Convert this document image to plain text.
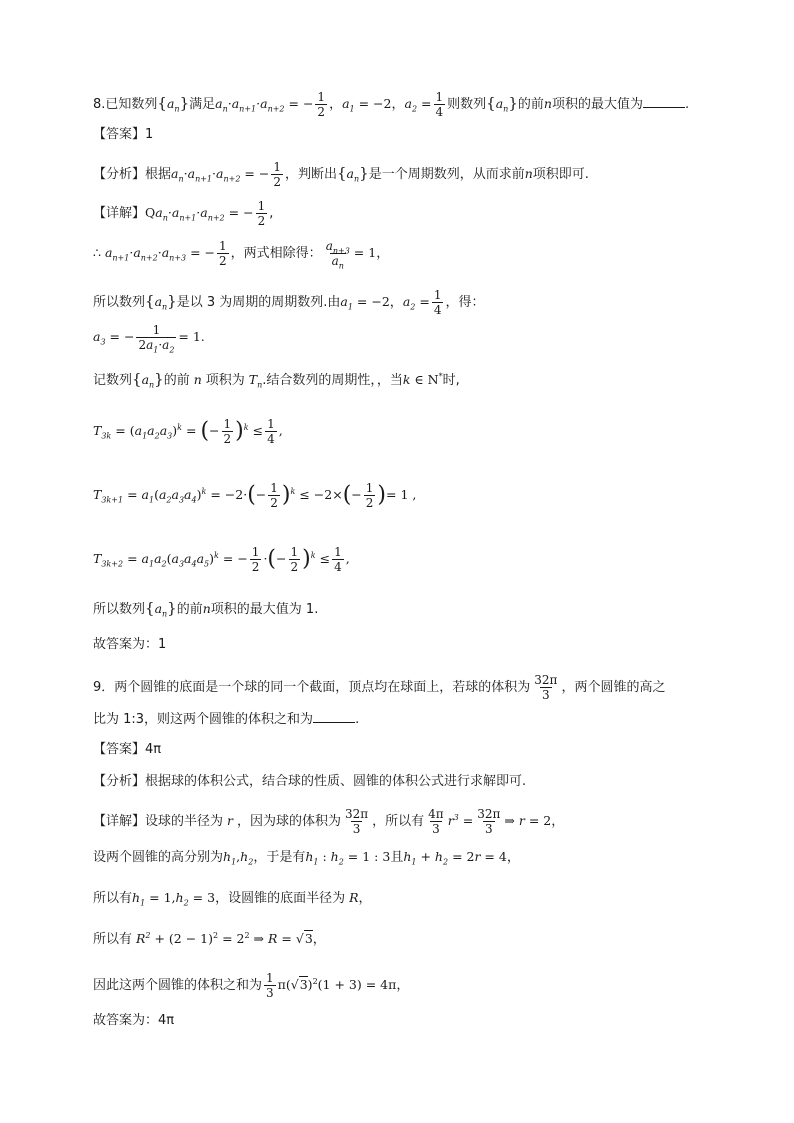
8.已知数列$\{a_n\}$满足$a_n\cdot a_{n+1}\cdot a_{n+2}$ = − $\frac{1}{2}$ ，$a_1 = -2$，$a_2 = \frac{1}{4}$ 则数列$\{a_n\}$的前n项积的最大值为	.
【答案】1
【分析】根据$a_n\cdot a_{n+1}\cdot a_{n+2}$ = − $\frac{1}{2}$ ，判断出$\{a_n\}$是一个周期数列，从而求前n项积即可.
【详解】$Qa_n\cdot a_{n+1}\cdot a_{n+2}$ = − $\frac{1}{2}$ ,
∴ $a_{n+1}\cdot a_{n+2}\cdot a_{n+3}$ = − $\frac{1}{2}$ ，两式相除得： $\frac{a_{n+3}}{a_n} = 1$，
所以数列$\{a_n\}$是以 3 为周期的周期数列.由$a_1 = -2$，$a_2 = \frac{1}{4}$ ，得：
$a_3$ = − $\frac{1}{2a_1\cdot a_2} = 1$.
记数列$\{a_n\}$的前 n 项积为 $T_n$.结合数列的周期性，，当k ∈ N*时,
$T_{3k} = (a_1a_2a_3)^k$ = (− $\frac{1}{2} )^k \le \frac{1}{4}$ ,
$T_{3k+1} = a_1(a_2a_3a_4)^k = -2\cdot(- \frac{1}{2} )^k \le -2\times(- \frac{1}{2}$ )= 1 ,
$T_{3k+2} = a_1a_2(a_3a_4a_5)^k$ = − $\frac{1}{2}$ ·(− $\frac{1}{2} )^k \le \frac{1}{4}$ ,
所以数列$\{a_n\}$的前n项积的最大值为 1.
故答案为：1
9．两个圆锥的底面是一个球的同一个截面，顶点均在球面上，若球的体积为 $\frac{32\pi}{3}$ ，两个圆锥的高之
比为 1:3，则这两个圆锥的体积之和为	.
【答案】4π
【分析】根据球的体积公式，结合球的性质、圆锥的体积公式进行求解即可.
【详解】设球的半径为 r ，因为球的体积为 $\frac{32\pi}{3}$ ，所以有 $\frac{4\pi}{3} r^3 = \frac{32\pi}{3}$ ⇒ r = 2，
设两个圆锥的高分别为$h_1,h_2$，于是有$h_1$ : $h_2 = 1$ : 3且$h_1 + h_2 = 2r = 4$，
所以有$h_1 = 1,h_2 = 3$，设圆锥的底面半径为 R，
所以有 $R^2 + (2 - 1)^2 = 2^2$ ⇒ R = √3，
因此这两个圆锥的体积之和为 $\frac{1}{3} \pi(√3)^2(1 + 3) = 4\pi$，
故答案为：4π
